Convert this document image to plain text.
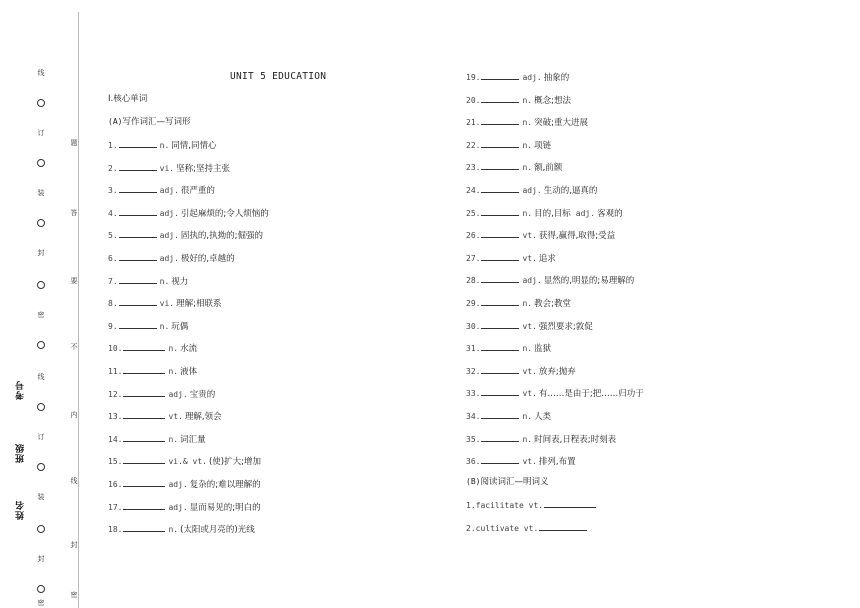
线
订
装
封
密
线
订
装
封
密
题
答
要
不
内
线
封
密
考号
班级
姓名
UNIT 5 EDUCATION
Ⅰ.核心单词
(A)写作词汇—写词形
1.	n. 同情,同情心
2.	vi. 坚称;坚持主张
3.	adj. 很严重的
4.	adj. 引起麻烦的;令人烦恼的
5.	adj. 固执的,执拗的;倔强的
6.	adj. 极好的,卓越的
7.	n. 视力
8.	vi. 理解;相联系
9.	n. 玩偶
10.	n. 水流
11.	n. 液体
12.	adj. 宝贵的
13.	vt. 理解,领会
14.	n. 词汇量
15.	vi.& vt. (使)扩大;增加
16.	adj. 复杂的;难以理解的
17.	adj. 显而易见的;明白的
18.	n. (太阳或月亮的)光线
19.	adj. 抽象的
20.	n. 概念;想法
21.	n. 突破;重大进展
22.	n. 项链
23.	n. 额,前额
24.	adj. 生动的,逼真的
25.	n. 目的,目标 adj. 客观的
26.	vt. 获得,赢得,取得;受益
27.	vt. 追求
28.	adj. 显然的,明显的;易理解的
29.	n. 教会;教堂
30.	vt. 强烈要求;敦促
31.	n. 监狱
32.	vt. 放弃;抛弃
33.	vt. 有……是由于;把……归功于
34.	n. 人类
35.	n. 时间表,日程表;时刻表
36.	vt. 排列,布置
(B)阅读词汇—明词义
1.facilitate vt.
2.cultivate vt.
